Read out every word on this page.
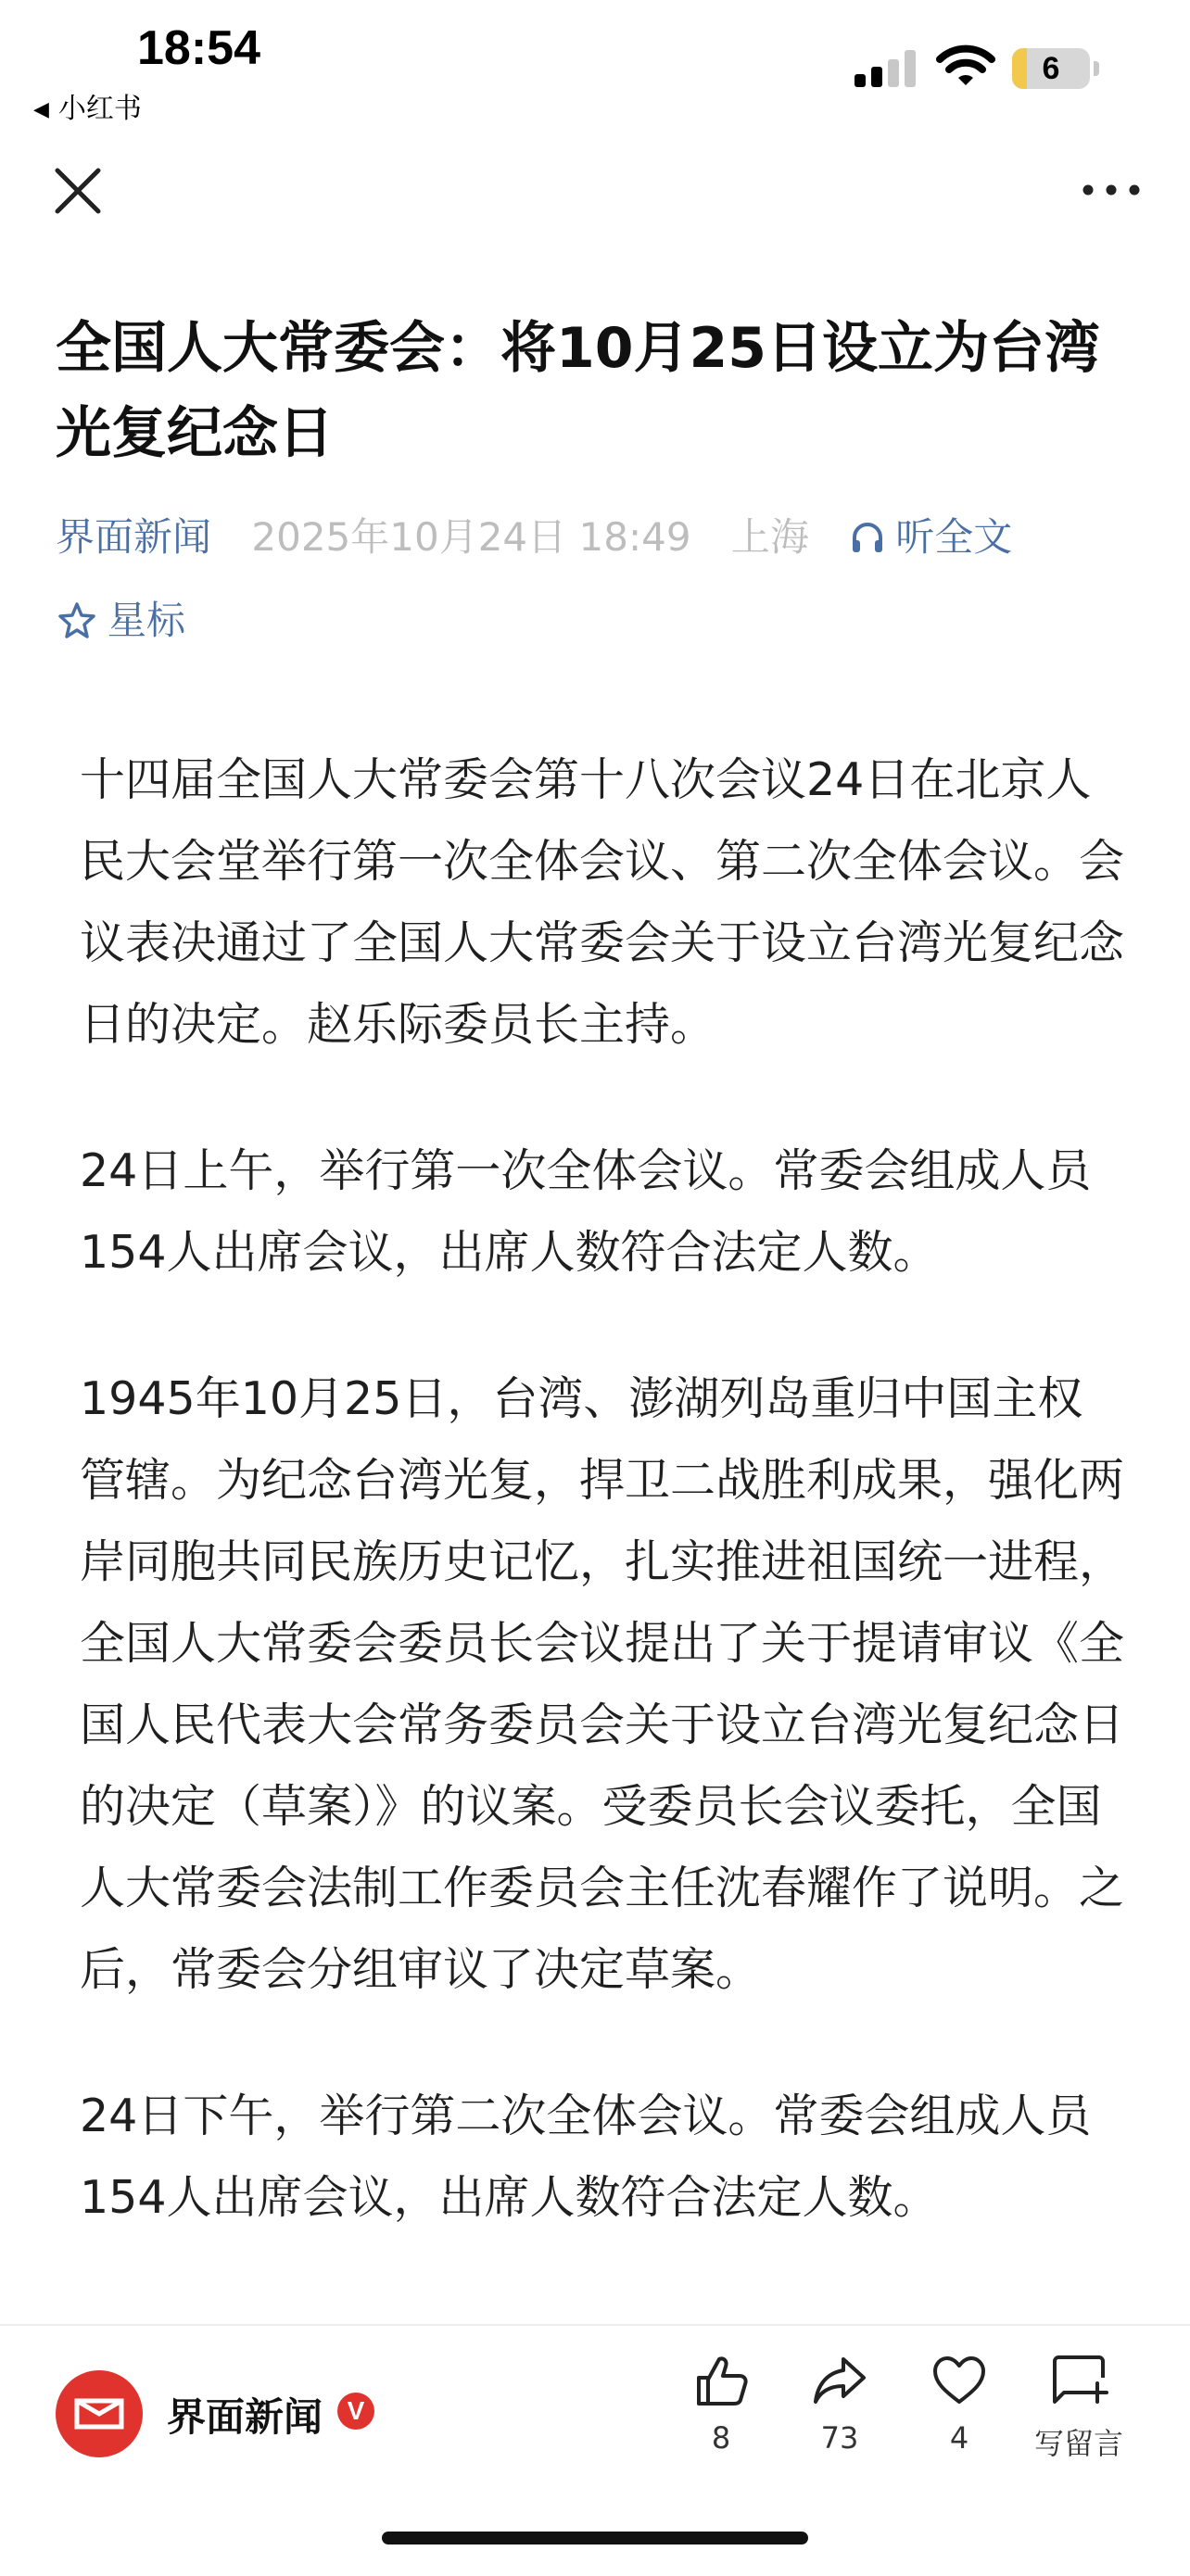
18:54
◀ 小红书
6
全国人大常委会：将10月25日设立为台湾光复纪念日
界面新闻 2025年10月24日 18:49 上海 听全文
星标

十四届全国人大常委会第十八次会议24日在北京人民大会堂举行第一次全体会议、第二次全体会议。会议表决通过了全国人大常委会关于设立台湾光复纪念日的决定。赵乐际委员长主持。

24日上午，举行第一次全体会议。常委会组成人员154人出席会议，出席人数符合法定人数。

1945年10月25日，台湾、澎湖列岛重归中国主权管辖。为纪念台湾光复，捍卫二战胜利成果，强化两岸同胞共同民族历史记忆，扎实推进祖国统一进程，全国人大常委会委员长会议提出了关于提请审议《全国人民代表大会常务委员会关于设立台湾光复纪念日的决定（草案）》的议案。受委员长会议委托，全国人大常委会法制工作委员会主任沈春耀作了说明。之后，常委会分组审议了决定草案。

24日下午，举行第二次全体会议。常委会组成人员154人出席会议，出席人数符合法定人数。

界面新闻 V
8	73	4	写留言
